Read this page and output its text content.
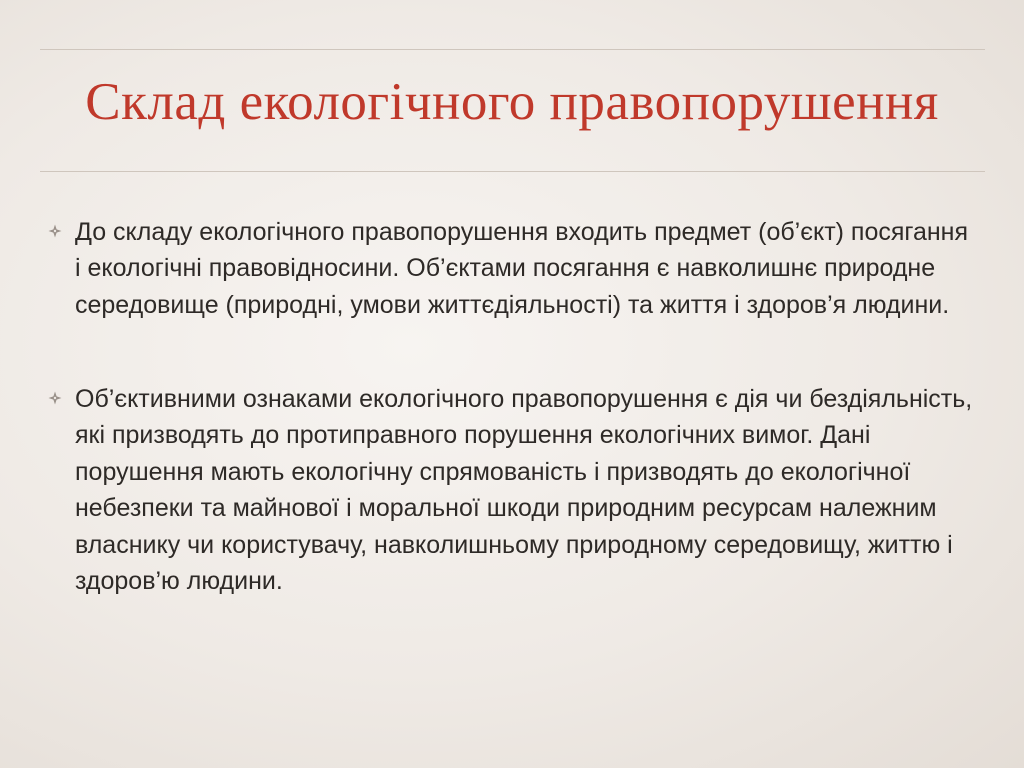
Склад екологічного правопорушення
До складу екологічного правопорушення входить предмет (об’єкт) посягання і екологічні правовідносини. Об’єктами посягання є навколишнє природне середовище (природні, умови життєдіяльності) та життя і здоров’я людини.
Об’єктивними ознаками екологічного правопорушення є дія чи бездіяльність, які призводять до протиправного порушення екологічних вимог. Дані порушення мають екологічну спрямованість і призводять до екологічної небезпеки та майнової і моральної шкоди природним ресурсам належним власнику чи користувачу, навколишньому природному середовищу, життю і здоров’ю людини.
